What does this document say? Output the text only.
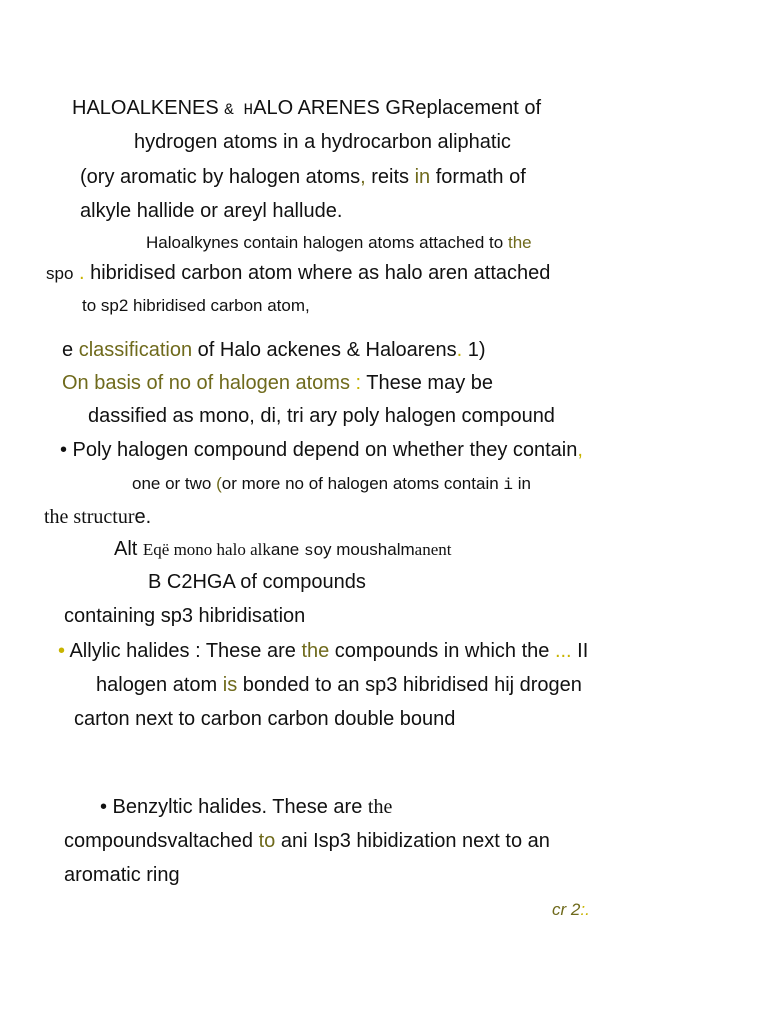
HALOALKENES & HALO ARENES GReplacement of
hydrogen atoms in a hydrocarbon aliphatic
(ory aromatic by halogen atoms, reits in formath of
alkyle hallide or areyl hallude.
Haloalkynes contain halogen atoms attached to the
spo . hibridised carbon atom where as halo aren attached
to sp2 hibridised carbon atom,
e classification of Halo ackenes & Haloarens. 1)
On basis of no of halogen atoms : These may be
dassified as mono, di, tri ary poly halogen compound
• Poly halogen compound depend on whether they contain,
one or two (or more no of halogen atoms contain i in
the structure.
Alt Eqë mono halo alkane soy moushalmanent
B C2HGA of compounds
containing sp3 hibridisation
• Allylic halides : These are the compounds in which the ... II
halogen atom is bonded to an sp3 hibridised hij drogen
carton next to carbon carbon double bound
• Benzyltic halides. These are the
compoundsvaltached to ani Isp3 hibidization next to an
aromatic ring
cr 2:.
